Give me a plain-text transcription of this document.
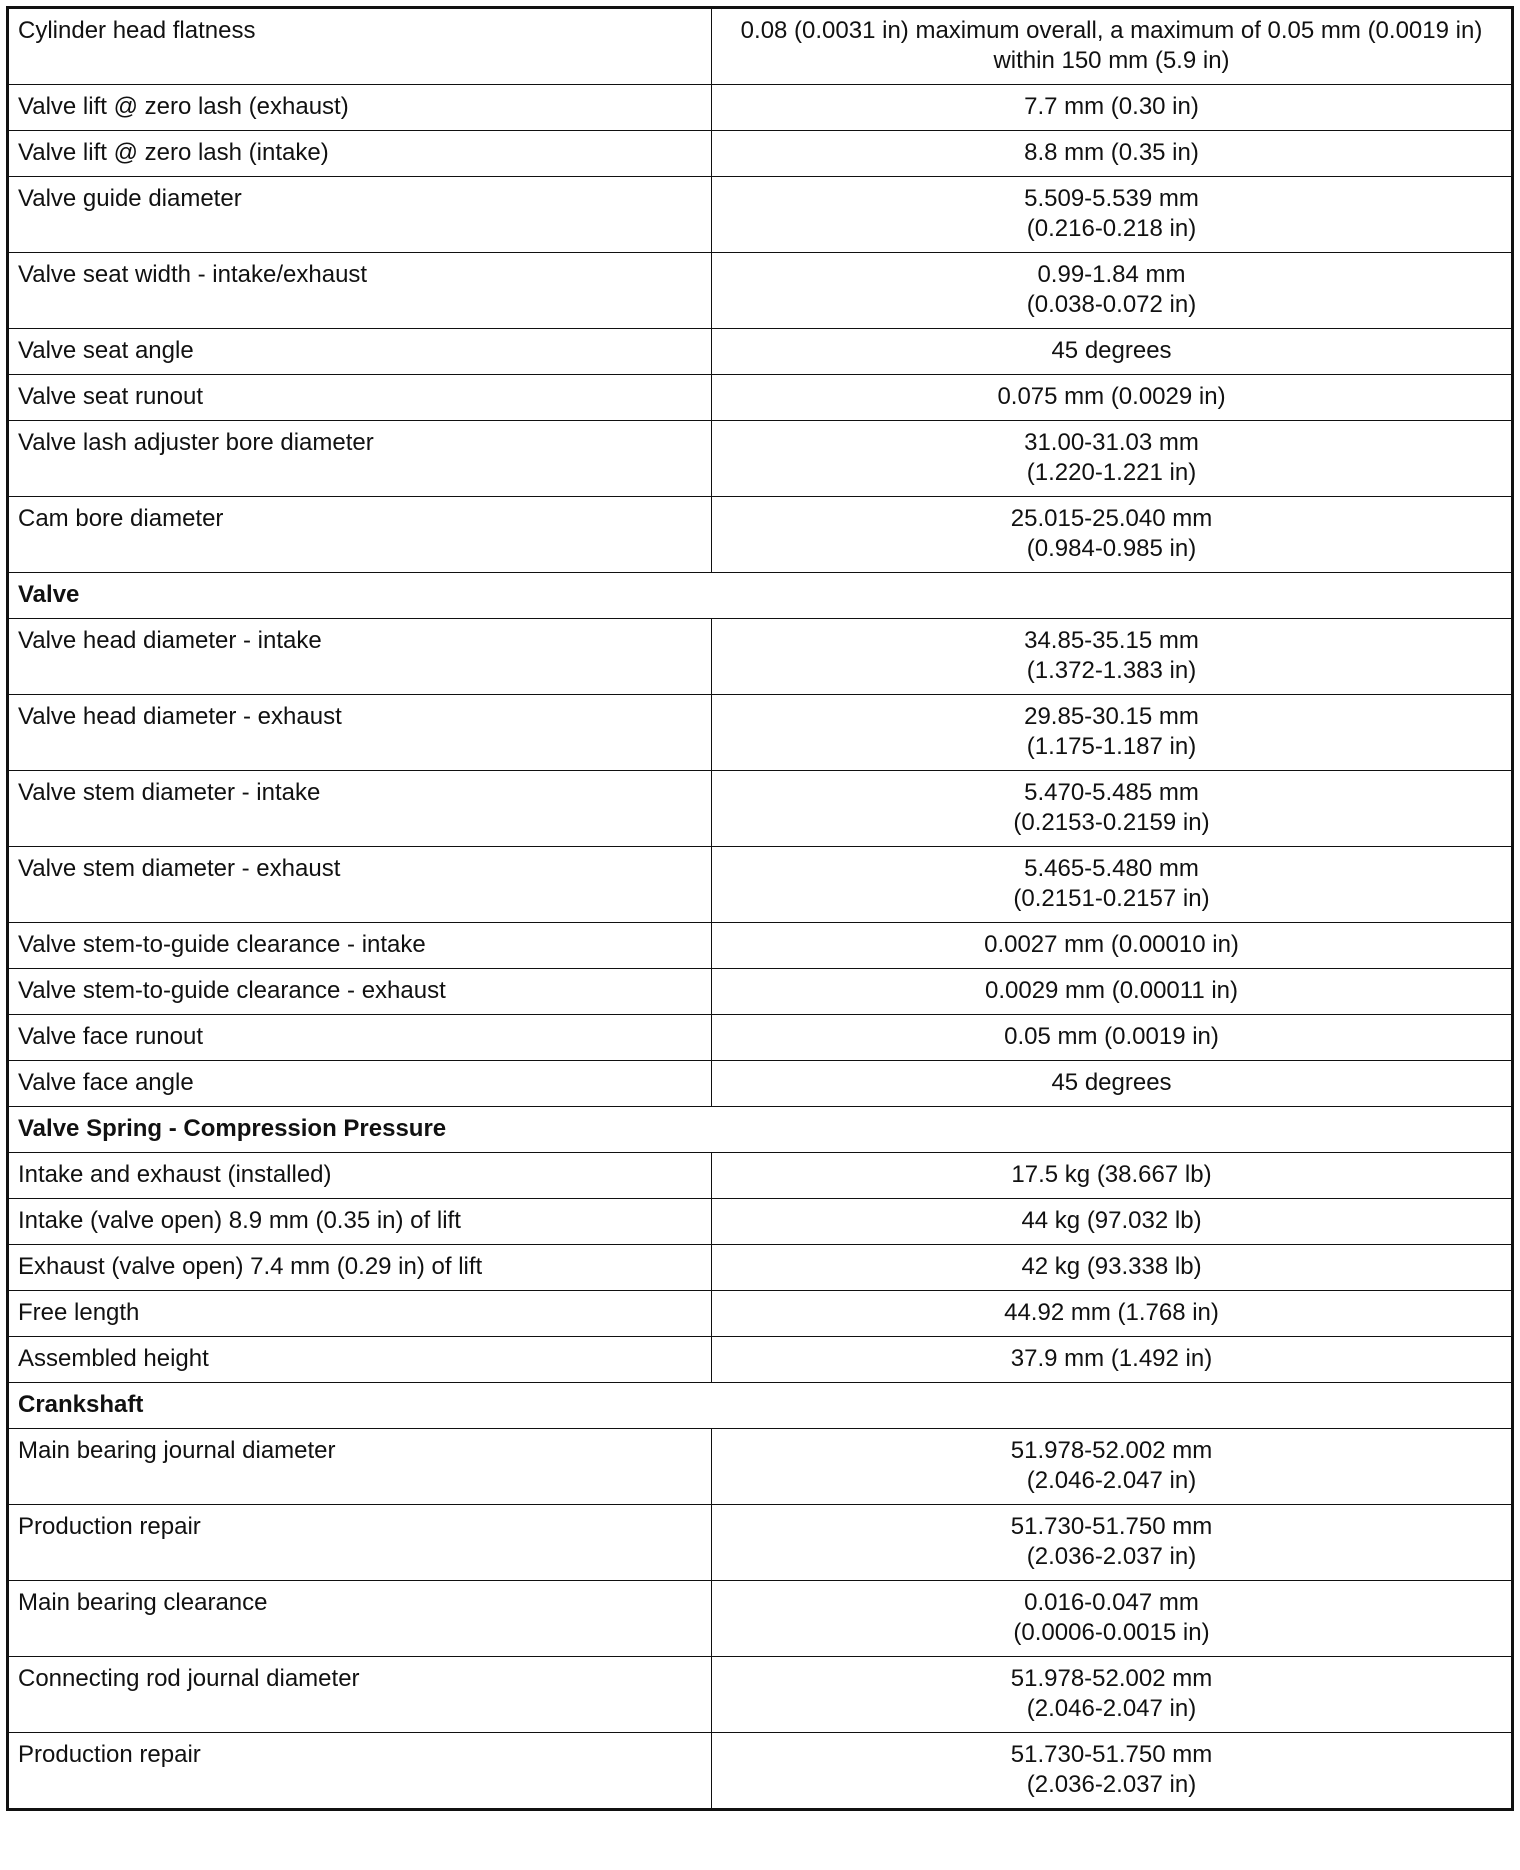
Cylinder head flatness	0.08 (0.0031 in) maximum overall, a maximum of 0.05 mm (0.0019 in)
within 150 mm (5.9 in)

Valve lift @ zero lash (exhaust)	7.7 mm (0.30 in)

Valve lift @ zero lash (intake)	8.8 mm (0.35 in)

Valve guide diameter	5.509-5.539 mm
(0.216-0.218 in)

Valve seat width - intake/exhaust	0.99-1.84 mm
(0.038-0.072 in)

Valve seat angle	45 degrees

Valve seat runout	0.075 mm (0.0029 in)

Valve lash adjuster bore diameter	31.00-31.03 mm
(1.220-1.221 in)

Cam bore diameter	25.015-25.040 mm
(0.984-0.985 in)

Valve	
Valve head diameter - intake	34.85-35.15 mm
(1.372-1.383 in)

Valve head diameter - exhaust	29.85-30.15 mm
(1.175-1.187 in)

Valve stem diameter - intake	5.470-5.485 mm
(0.2153-0.2159 in)

Valve stem diameter - exhaust	5.465-5.480 mm
(0.2151-0.2157 in)

Valve stem-to-guide clearance - intake	0.0027 mm (0.00010 in)

Valve stem-to-guide clearance - exhaust	0.0029 mm (0.00011 in)

Valve face runout	0.05 mm (0.0019 in)

Valve face angle	45 degrees

Valve Spring - Compression Pressure	
Intake and exhaust (installed)	17.5 kg (38.667 lb)

Intake (valve open) 8.9 mm (0.35 in) of lift	44 kg (97.032 lb)

Exhaust (valve open) 7.4 mm (0.29 in) of lift	42 kg (93.338 lb)

Free length	44.92 mm (1.768 in)

Assembled height	37.9 mm (1.492 in)

Crankshaft	
Main bearing journal diameter	51.978-52.002 mm
(2.046-2.047 in)

Production repair	51.730-51.750 mm
(2.036-2.037 in)

Main bearing clearance	0.016-0.047 mm
(0.0006-0.0015 in)

Connecting rod journal diameter	51.978-52.002 mm
(2.046-2.047 in)

Production repair	51.730-51.750 mm
(2.036-2.037 in)
